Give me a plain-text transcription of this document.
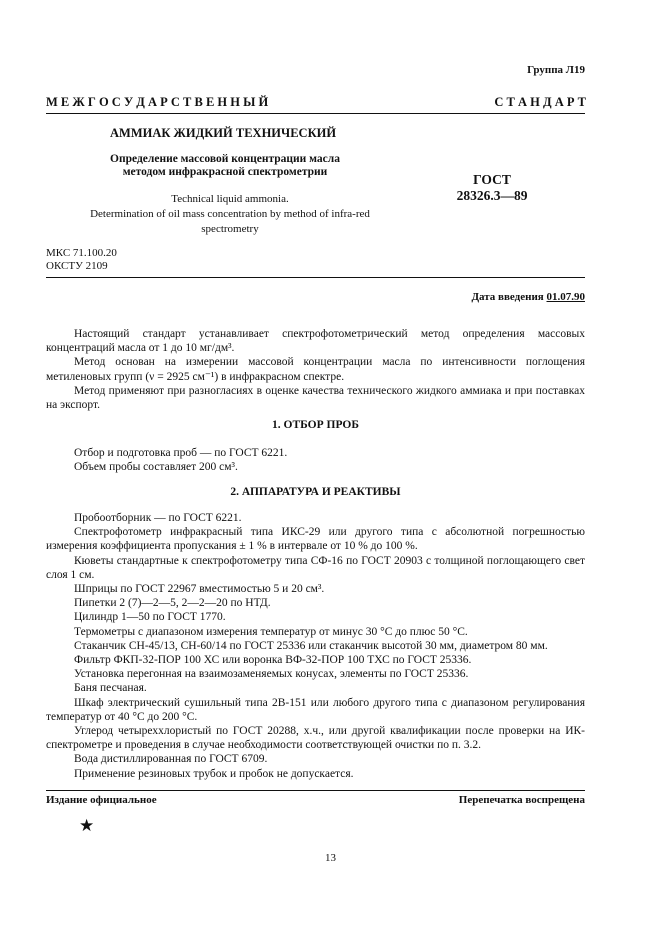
Группа Л19
М Е Ж Г О С У Д А Р С Т В Е Н Н Ы Й	С Т А Н Д А Р Т
АММИАК ЖИДКИЙ ТЕХНИЧЕСКИЙ
Определение массовой концентрации масла
методом инфракрасной спектрометрии
Technical liquid ammonia.
Determination of oil mass concentration by method of infra-red
spectrometry
ГОСТ
28326.3—89
МКС 71.100.20
ОКСТУ 2109
Дата введения 01.07.90

Настоящий стандарт устанавливает спектрофотометрический метод определения массовых концентраций масла от 1 до 10 мг/дм³.

Метод основан на измерении массовой концентрации масла по интенсивности поглощения метиленовых групп (ν = 2925 см⁻¹) в инфракрасном спектре.

Метод применяют при разногласиях в оценке качества технического жидкого аммиака и при поставках на экспорт.

1. ОТБОР ПРОБ

Отбор и подготовка проб — по ГОСТ 6221.

Объем пробы составляет 200 см³.

2. АППАРАТУРА И РЕАКТИВЫ

Пробоотборник — по ГОСТ 6221.

Спектрофотометр инфракрасный типа ИКС-29 или другого типа с абсолютной погрешностью измерения коэффициента пропускания ± 1 % в интервале от 10 % до 100 %.

Кюветы стандартные к спектрофотометру типа СФ-16 по ГОСТ 20903 с толщиной поглощающего свет слоя 1 см.

Шприцы по ГОСТ 22967 вместимостью 5 и 20 см³.

Пипетки 2 (7)—2—5, 2—2—20 по НТД.

Цилиндр 1—50 по ГОСТ 1770.

Термометры с диапазоном измерения температур от минус 30 °С до плюс 50 °С.

Стаканчик СН-45/13, СН-60/14 по ГОСТ 25336 или стаканчик высотой 30 мм, диаметром 80 мм.

Фильтр ФКП-32-ПОР 100 ХС или воронка ВФ-32-ПОР 100 ТХС по ГОСТ 25336.

Установка перегонная на взаимозаменяемых конусах, элементы по ГОСТ 25336.

Баня песчаная.

Шкаф электрический сушильный типа 2В-151 или любого другого типа с диапазоном регулирования температур от 40 °С до 200 °С.

Углерод четыреххлористый по ГОСТ 20288, х.ч., или другой квалификации после проверки на ИК-спектрометре и проведения в случае необходимости соответствующей очистки по п. 3.2.

Вода дистиллированная по ГОСТ 6709.

Применение резиновых трубок и пробок не допускается.

Издание официальное	Перепечатка воспрещена
★
13
